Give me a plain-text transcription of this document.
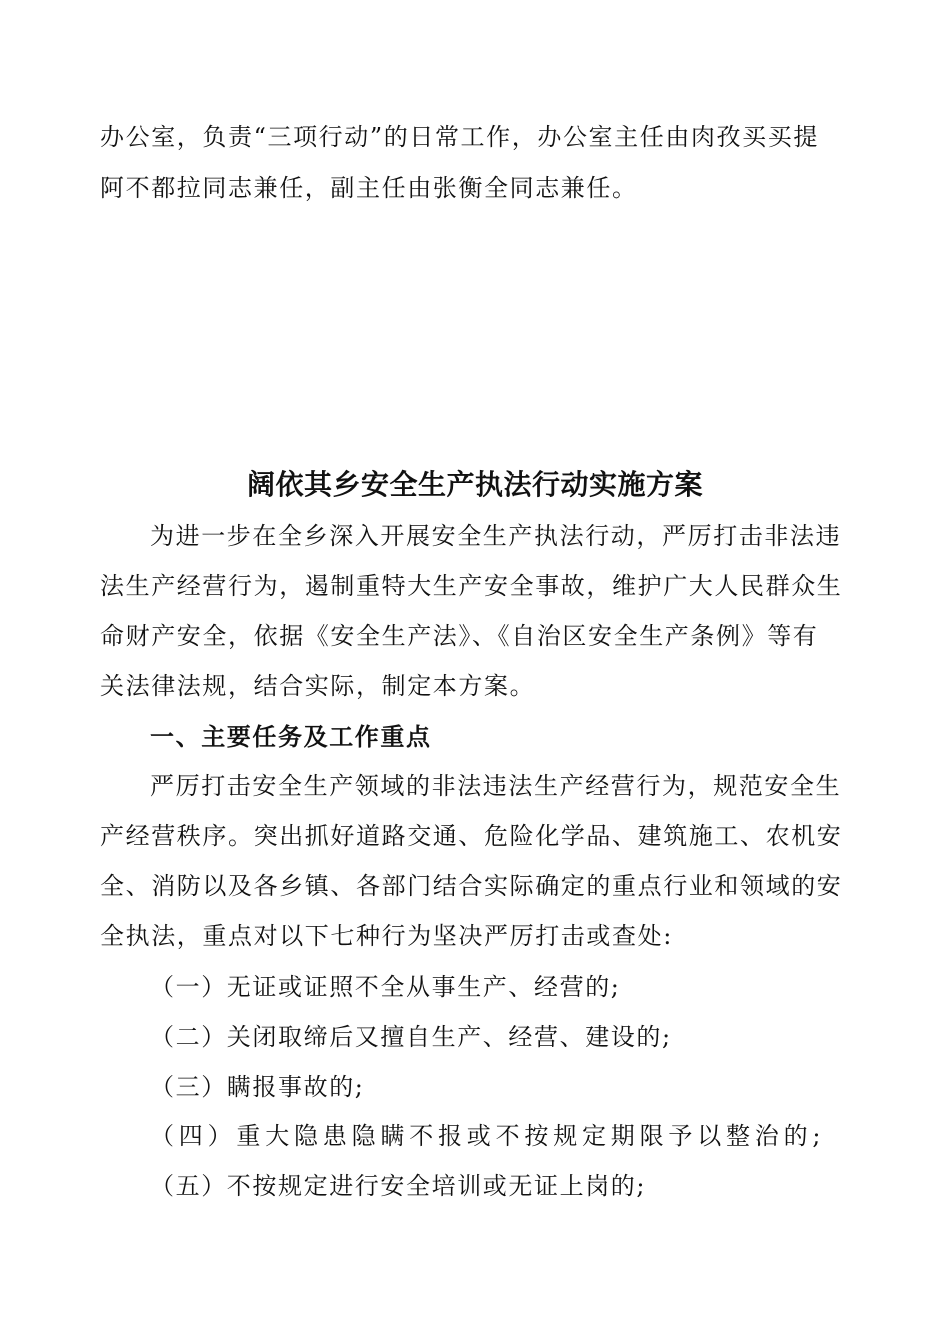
办公室，负责“三项行动”的日常工作，办公室主任由肉孜买买提
阿不都拉同志兼任，副主任由张衡全同志兼任。
阔依其乡安全生产执法行动实施方案
为进一步在全乡深入开展安全生产执法行动，严厉打击非法违
法生产经营行为，遏制重特大生产安全事故，维护广大人民群众生
命财产安全，依据《安全生产法》、《自治区安全生产条例》等有
关法律法规，结合实际，制定本方案。
一、主要任务及工作重点
严厉打击安全生产领域的非法违法生产经营行为，规范安全生
产经营秩序。突出抓好道路交通、危险化学品、建筑施工、农机安
全、消防以及各乡镇、各部门结合实际确定的重点行业和领域的安
全执法，重点对以下七种行为坚决严厉打击或查处:
（一）无证或证照不全从事生产、经营的;
（二）关闭取缔后又擅自生产、经营、建设的;
（三）瞒报事故的;
（四）重大隐患隐瞒不报或不按规定期限予以整治的;
（五）不按规定进行安全培训或无证上岗的;
